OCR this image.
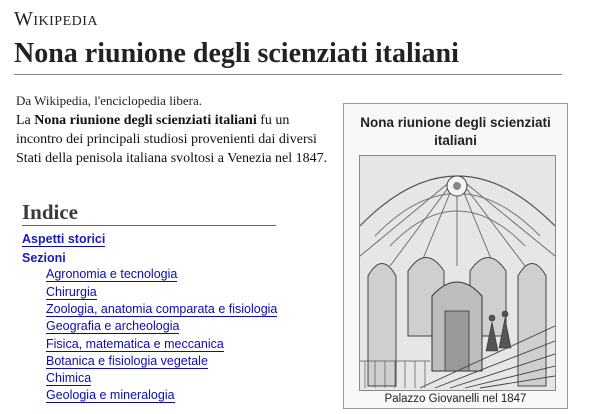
Wikipedia
Nona riunione degli scienziati italiani
Da Wikipedia, l'enciclopedia libera.
La Nona riunione degli scienziati italiani fu un incontro dei principali studiosi provenienti dai diversi Stati della penisola italiana svoltosi a Venezia nel 1847.
Indice
Aspetti storici
Sezioni
Agronomia e tecnologia
Chirurgia
Zoologia, anatomia comparata e fisiologia
Geografia e archeologia
Fisica, matematica e meccanica
Botanica e fisiologia vegetale
Chimica
Geologia e mineralogia
Nona riunione degli scienziati italiani
Palazzo Giovanelli nel 1847
